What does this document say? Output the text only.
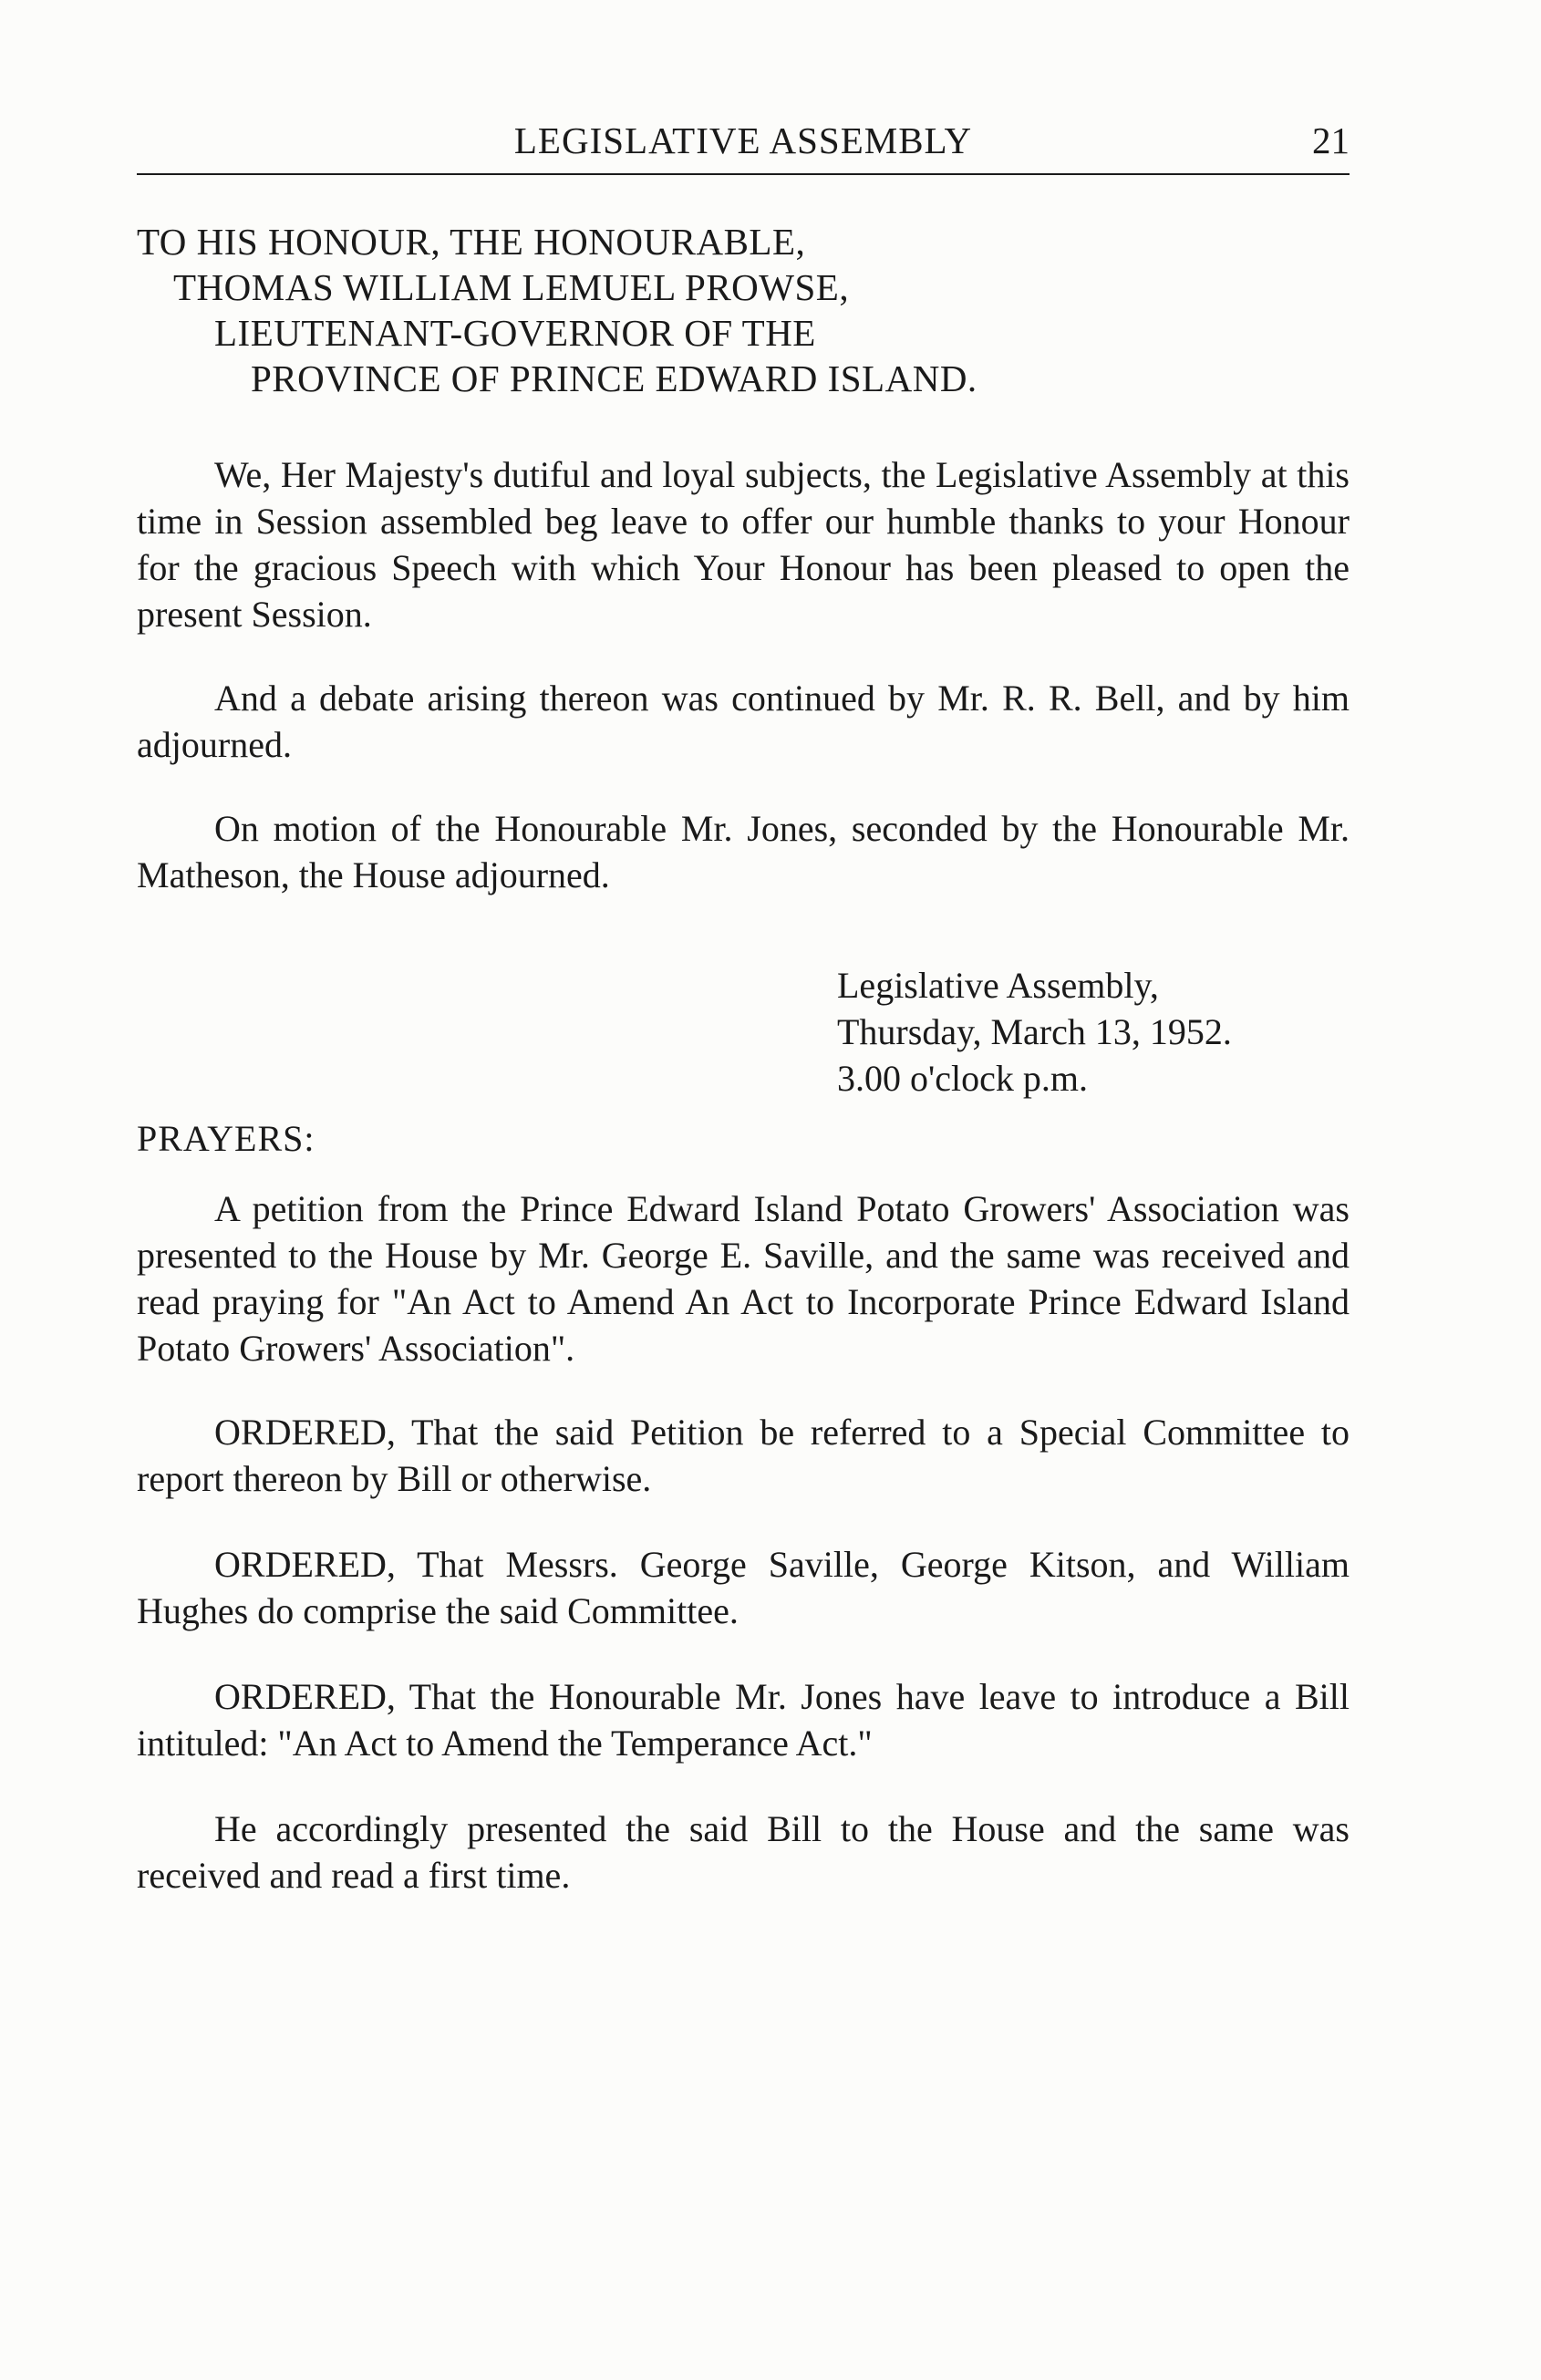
LEGISLATIVE ASSEMBLY	21
TO HIS HONOUR, THE HONOURABLE,
THOMAS WILLIAM LEMUEL PROWSE,
LIEUTENANT-GOVERNOR OF THE
PROVINCE OF PRINCE EDWARD ISLAND.

We, Her Majesty's dutiful and loyal subjects, the Legislative Assembly at this time in Session assembled beg leave to offer our humble thanks to your Honour for the gracious Speech with which Your Honour has been pleased to open the present Session.

And a debate arising thereon was continued by Mr. R. R. Bell, and by him adjourned.

On motion of the Honourable Mr. Jones, seconded by the Honourable Mr. Matheson, the House adjourned.

Legislative Assembly,
Thursday, March 13, 1952.
3.00 o'clock p.m.
PRAYERS:

A petition from the Prince Edward Island Potato Growers' Association was presented to the House by Mr. George E. Saville, and the same was received and read praying for "An Act to Amend An Act to Incorporate Prince Edward Island Potato Growers' Association".

ORDERED, That the said Petition be referred to a Special Committee to report thereon by Bill or otherwise.

ORDERED, That Messrs. George Saville, George Kitson, and William Hughes do comprise the said Committee.

ORDERED, That the Honourable Mr. Jones have leave to introduce a Bill intituled: "An Act to Amend the Temperance Act."

He accordingly presented the said Bill to the House and the same was received and read a first time.
